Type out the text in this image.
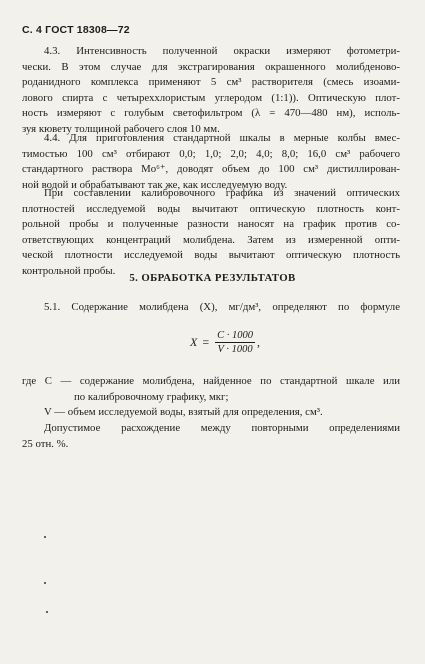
С. 4 ГОСТ 18308—72
4.3. Интенсивность полученной окраски измеряют фотометри-
чески. В этом случае для экстрагирования окрашенного молибденово-
роданидного комплекса применяют 5 см³ растворителя (смесь изоами-
лового спирта с четыреххлористым углеродом (1:1)). Оптическую плот-
ность измеряют с голубым светофильтром (λ = 470—480 нм), исполь-
зуя кювету толщиной рабочего слоя 10 мм.
4.4. Для приготовления стандартной шкалы в мерные колбы вмес-
тимостью 100 см³ отбирают 0,0; 1,0; 2,0; 4,0; 8,0; 16,0 см³ рабочего
стандартного раствора Mo⁶⁺, доводят объем до 100 см³ дистиллирован-
ной водой и обрабатывают так же, как исследуемую воду.
При составлении калибровочного графика из значений оптических
плотностей исследуемой воды вычитают оптическую плотность конт-
рольной пробы и полученные разности наносят на график против со-
ответствующих концентраций молибдена. Затем из измеренной опти-
ческой плотности исследуемой воды вычитают оптическую плотность
контрольной пробы.
5. ОБРАБОТКА РЕЗУЛЬТАТОВ
5.1. Содержание молибдена (X), мг/дм³, определяют по формуле
$X = \frac{C \cdot 1000}{V \cdot 1000}$ ,
где C — содержание молибдена, найденное по стандартной шкале или
по калибровочному графику, мкг;
V — объем исследуемой воды, взятый для определения, см³.
Допустимое расхождение между повторными определениями
25 отн. %.
